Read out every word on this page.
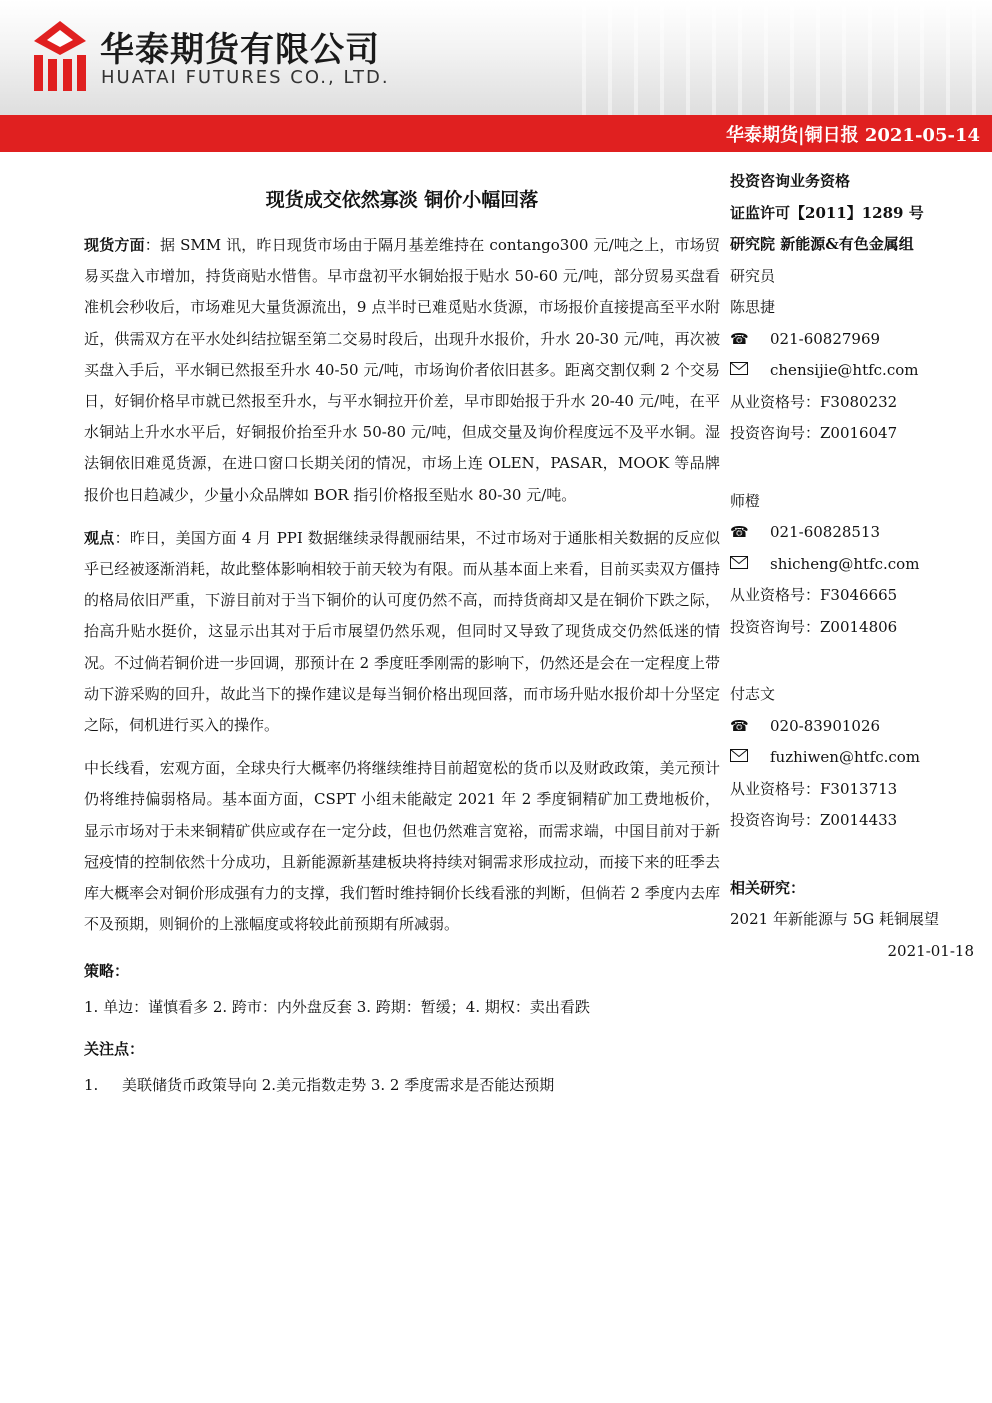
华泰期货有限公司
HUATAI FUTURES CO., LTD.
华泰期货|铜日报 2021-05-14
现货成交依然寡淡 铜价小幅回落

现货方面：据 SMM 讯，昨日现货市场由于隔月基差维持在 contango300 元/吨之上，市场贸易买盘入市增加，持货商贴水惜售。早市盘初平水铜始报于贴水 50-60 元/吨，部分贸易买盘看准机会秒收后，市场难见大量货源流出，9 点半时已难觅贴水货源，市场报价直接提高至平水附近，供需双方在平水处纠结拉锯至第二交易时段后，出现升水报价，升水 20-30 元/吨，再次被买盘入手后，平水铜已然报至升水 40-50 元/吨，市场询价者依旧甚多。距离交割仅剩 2 个交易日，好铜价格早市就已然报至升水，与平水铜拉开价差，早市即始报于升水 20-40 元/吨，在平水铜站上升水水平后，好铜报价抬至升水 50-80 元/吨，但成交量及询价程度远不及平水铜。湿法铜依旧难觅货源，在进口窗口长期关闭的情况，市场上连 OLEN，PASAR，MOOK 等品牌报价也日趋减少，少量小众品牌如 BOR 指引价格报至贴水 80-30 元/吨。

观点：昨日，美国方面 4 月 PPI 数据继续录得靓丽结果，不过市场对于通胀相关数据的反应似乎已经被逐渐消耗，故此整体影响相较于前天较为有限。而从基本面上来看，目前买卖双方僵持的格局依旧严重，下游目前对于当下铜价的认可度仍然不高，而持货商却又是在铜价下跌之际，抬高升贴水挺价，这显示出其对于后市展望仍然乐观，但同时又导致了现货成交仍然低迷的情况。不过倘若铜价进一步回调，那预计在 2 季度旺季刚需的影响下，仍然还是会在一定程度上带动下游采购的回升，故此当下的操作建议是每当铜价格出现回落，而市场升贴水报价却十分坚定之际，伺机进行买入的操作。

中长线看，宏观方面，全球央行大概率仍将继续维持目前超宽松的货币以及财政政策，美元预计仍将维持偏弱格局。基本面方面，CSPT 小组未能敲定 2021 年 2 季度铜精矿加工费地板价，显示市场对于未来铜精矿供应或存在一定分歧，但也仍然难言宽裕，而需求端，中国目前对于新冠疫情的控制依然十分成功，且新能源新基建板块将持续对铜需求形成拉动，而接下来的旺季去库大概率会对铜价形成强有力的支撑，我们暂时维持铜价长线看涨的判断，但倘若 2 季度内去库不及预期，则铜价的上涨幅度或将较此前预期有所减弱。

策略：

1. 单边：谨慎看多 2. 跨市：内外盘反套 3. 跨期：暂缓；4. 期权：卖出看跌

关注点：

1. 美联储货币政策导向 2.美元指数走势 3. 2 季度需求是否能达预期

投资咨询业务资格
证监许可【2011】1289 号
研究院 新能源&有色金属组
研究员
陈思捷
☎ 021-60827969
chensijie@htfc.com
从业资格号：F3080232
投资咨询号：Z0016047
师橙
☎ 021-60828513
shicheng@htfc.com
从业资格号：F3046665
投资咨询号：Z0014806
付志文
☎ 020-83901026
fuzhiwen@htfc.com
从业资格号：F3013713
投资咨询号：Z0014433
相关研究：
2021 年新能源与 5G 耗铜展望
2021-01-18
